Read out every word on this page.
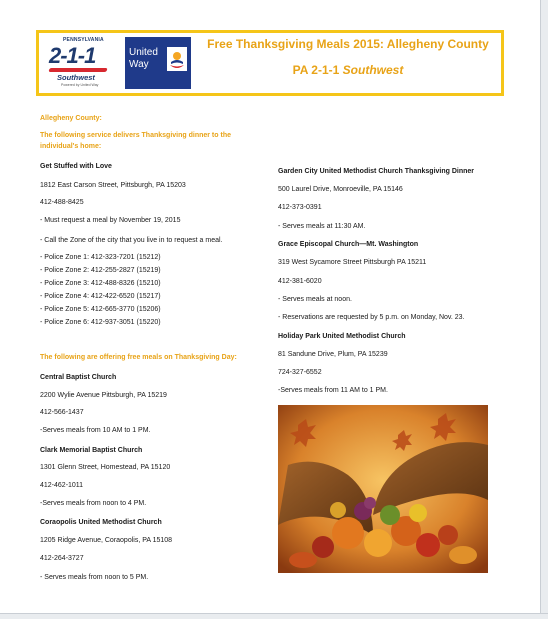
PENNSYLVANIA
2-1-1
Southwest
Powered by United Way
United
Way
Free Thanksgiving Meals 2015: Allegheny County
PA 2-1-1 Southwest
Allegheny County:
The following service delivers Thanksgiving dinner to the
individual's home:
Get Stuffed with Love
1812 East Carson Street, Pittsburgh, PA 15203
412-488-8425
- Must request a meal by November 19, 2015
- Call the Zone of the city that you live in to request a meal.
- Police Zone 1: 412-323-7201 (15212)
- Police Zone 2: 412-255-2827 (15219)
- Police Zone 3: 412-488-8326 (15210)
- Police Zone 4: 412-422-6520 (15217)
- Police Zone 5: 412-665-3770 (15206)
- Police Zone 6: 412-937-3051 (15220)
The following are offering free meals on Thanksgiving Day:
Central Baptist Church
2200 Wylie Avenue Pittsburgh, PA 15219
412-566-1437
-Serves meals from 10 AM to 1 PM.
Clark Memorial Baptist Church
1301 Glenn Street, Homestead, PA 15120
412-462-1011
-Serves meals from noon to 4 PM.
Coraopolis United Methodist Church
1205 Ridge Avenue, Coraopolis, PA 15108
412-264-3727
- Serves meals from noon to 5 PM.
Garden City United Methodist Church Thanksgiving Dinner
500 Laurel Drive, Monroeville, PA 15146
412-373-0391
- Serves meals at 11:30 AM.
Grace Episcopal Church—Mt. Washington
319 West Sycamore Street Pittsburgh PA 15211
412-381-6020
- Serves meals at noon.
- Reservations are requested by 5 p.m. on Monday, Nov. 23.
Holiday Park United Methodist Church
81 Sandune Drive, Plum, PA 15239
724-327-6552
-Serves meals from 11 AM to 1 PM.
